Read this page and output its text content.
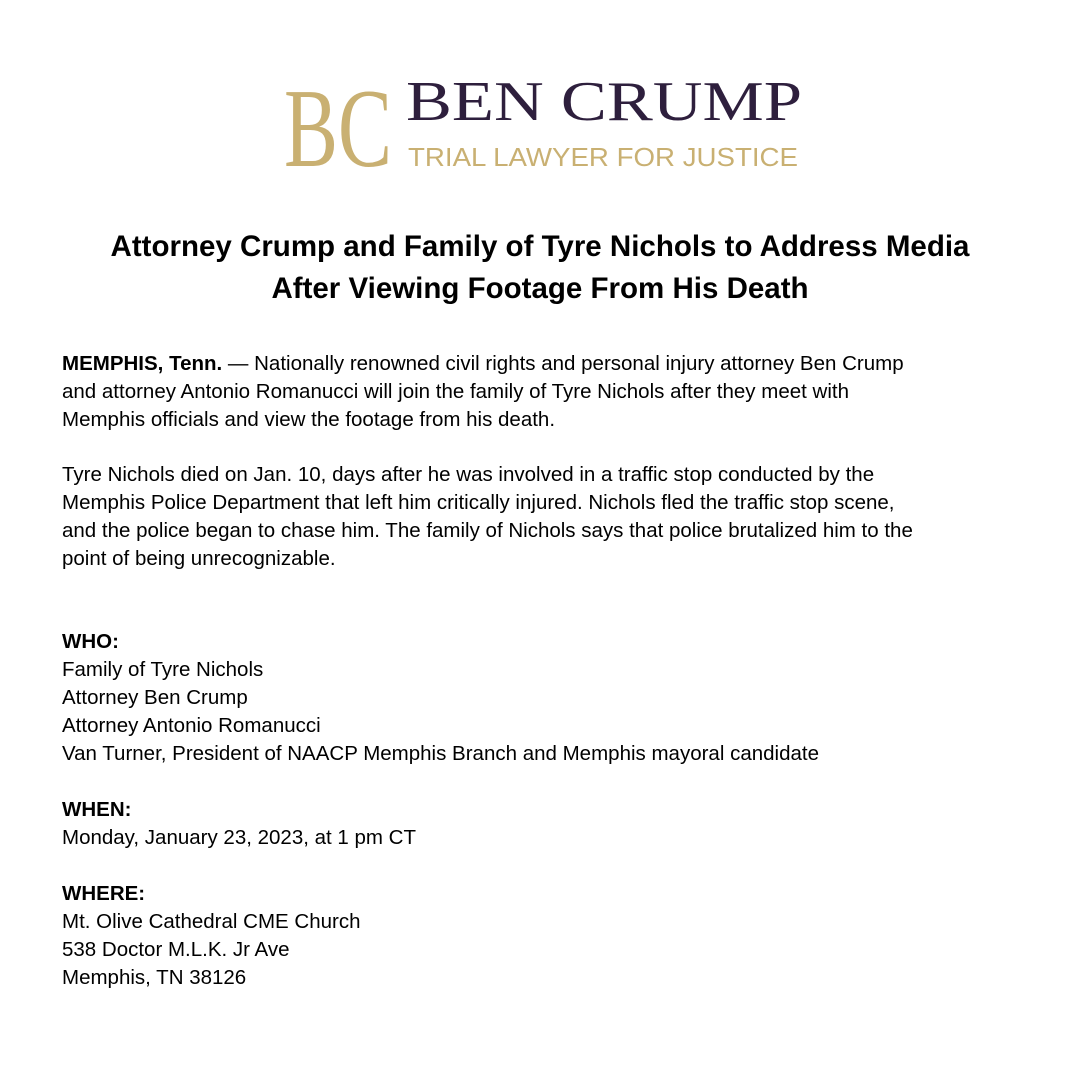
BC BEN CRUMP
TRIAL LAWYER FOR JUSTICE
Attorney Crump and Family of Tyre Nichols to Address Media
After Viewing Footage From His Death

MEMPHIS, Tenn. — Nationally renowned civil rights and personal injury attorney Ben Crump
and attorney Antonio Romanucci will join the family of Tyre Nichols after they meet with
Memphis officials and view the footage from his death.

Tyre Nichols died on Jan. 10, days after he was involved in a traffic stop conducted by the
Memphis Police Department that left him critically injured. Nichols fled the traffic stop scene,
and the police began to chase him. The family of Nichols says that police brutalized him to the
point of being unrecognizable.

WHO:
Family of Tyre Nichols
Attorney Ben Crump
Attorney Antonio Romanucci
Van Turner, President of NAACP Memphis Branch and Memphis mayoral candidate
WHEN:
Monday, January 23, 2023, at 1 pm CT
WHERE:
Mt. Olive Cathedral CME Church
538 Doctor M.L.K. Jr Ave
Memphis, TN 38126
